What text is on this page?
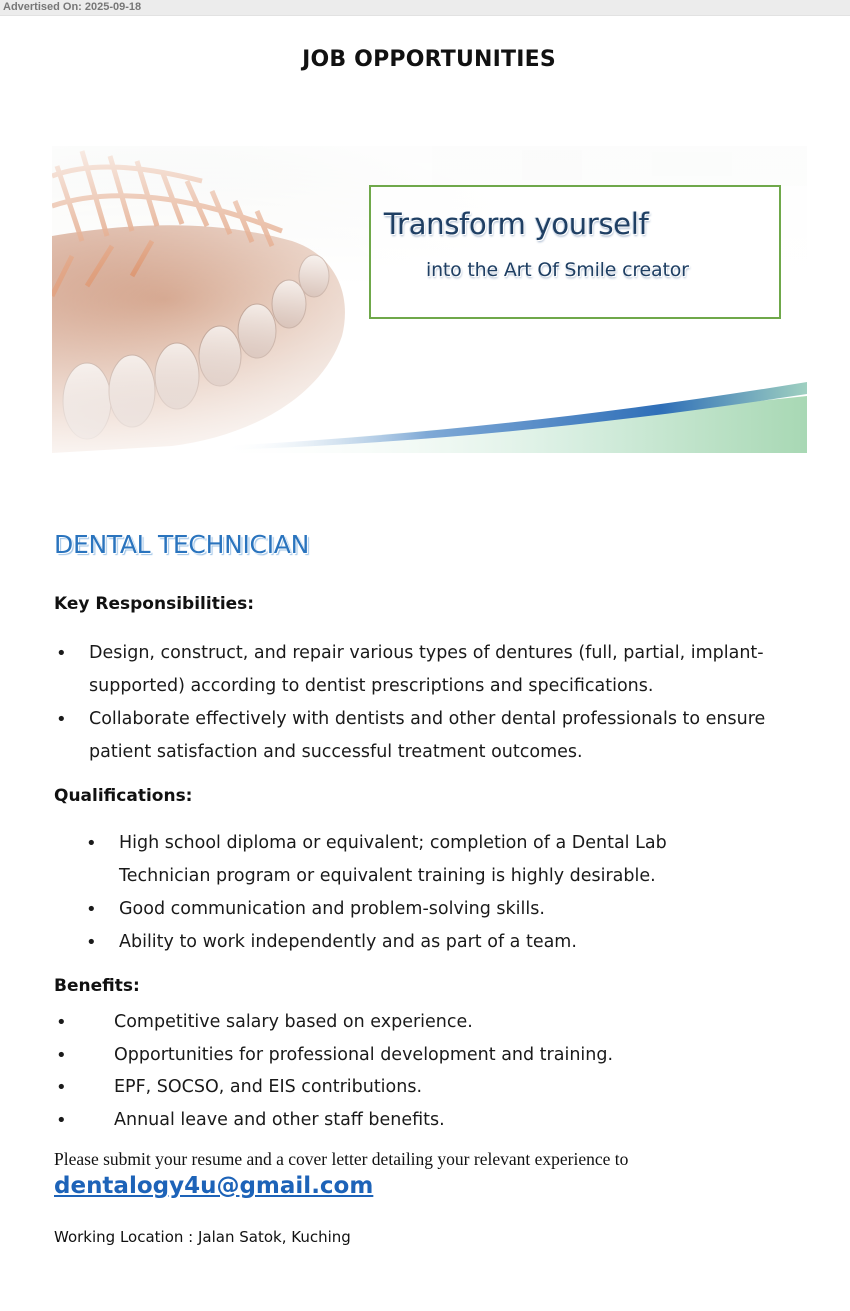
Advertised On: 2025-09-18
JOB OPPORTUNITIES
Transform yourself
into the Art Of Smile creator
DENTAL TECHNICIAN
Key Responsibilities:
• Design, construct, and repair various types of dentures (full, partial, implant-supported) according to dentist prescriptions and specifications.
• Collaborate effectively with dentists and other dental professionals to ensure patient satisfaction and successful treatment outcomes.
Qualifications:
• High school diploma or equivalent; completion of a Dental Lab Technician program or equivalent training is highly desirable.
• Good communication and problem-solving skills.
• Ability to work independently and as part of a team.
Benefits:
•	Competitive salary based on experience.
•	Opportunities for professional development and training.
•	EPF, SOCSO, and EIS contributions.
•	Annual leave and other staff benefits.
Please submit your resume and a cover letter detailing your relevant experience to
dentalogy4u@gmail.com
Working Location : Jalan Satok, Kuching
